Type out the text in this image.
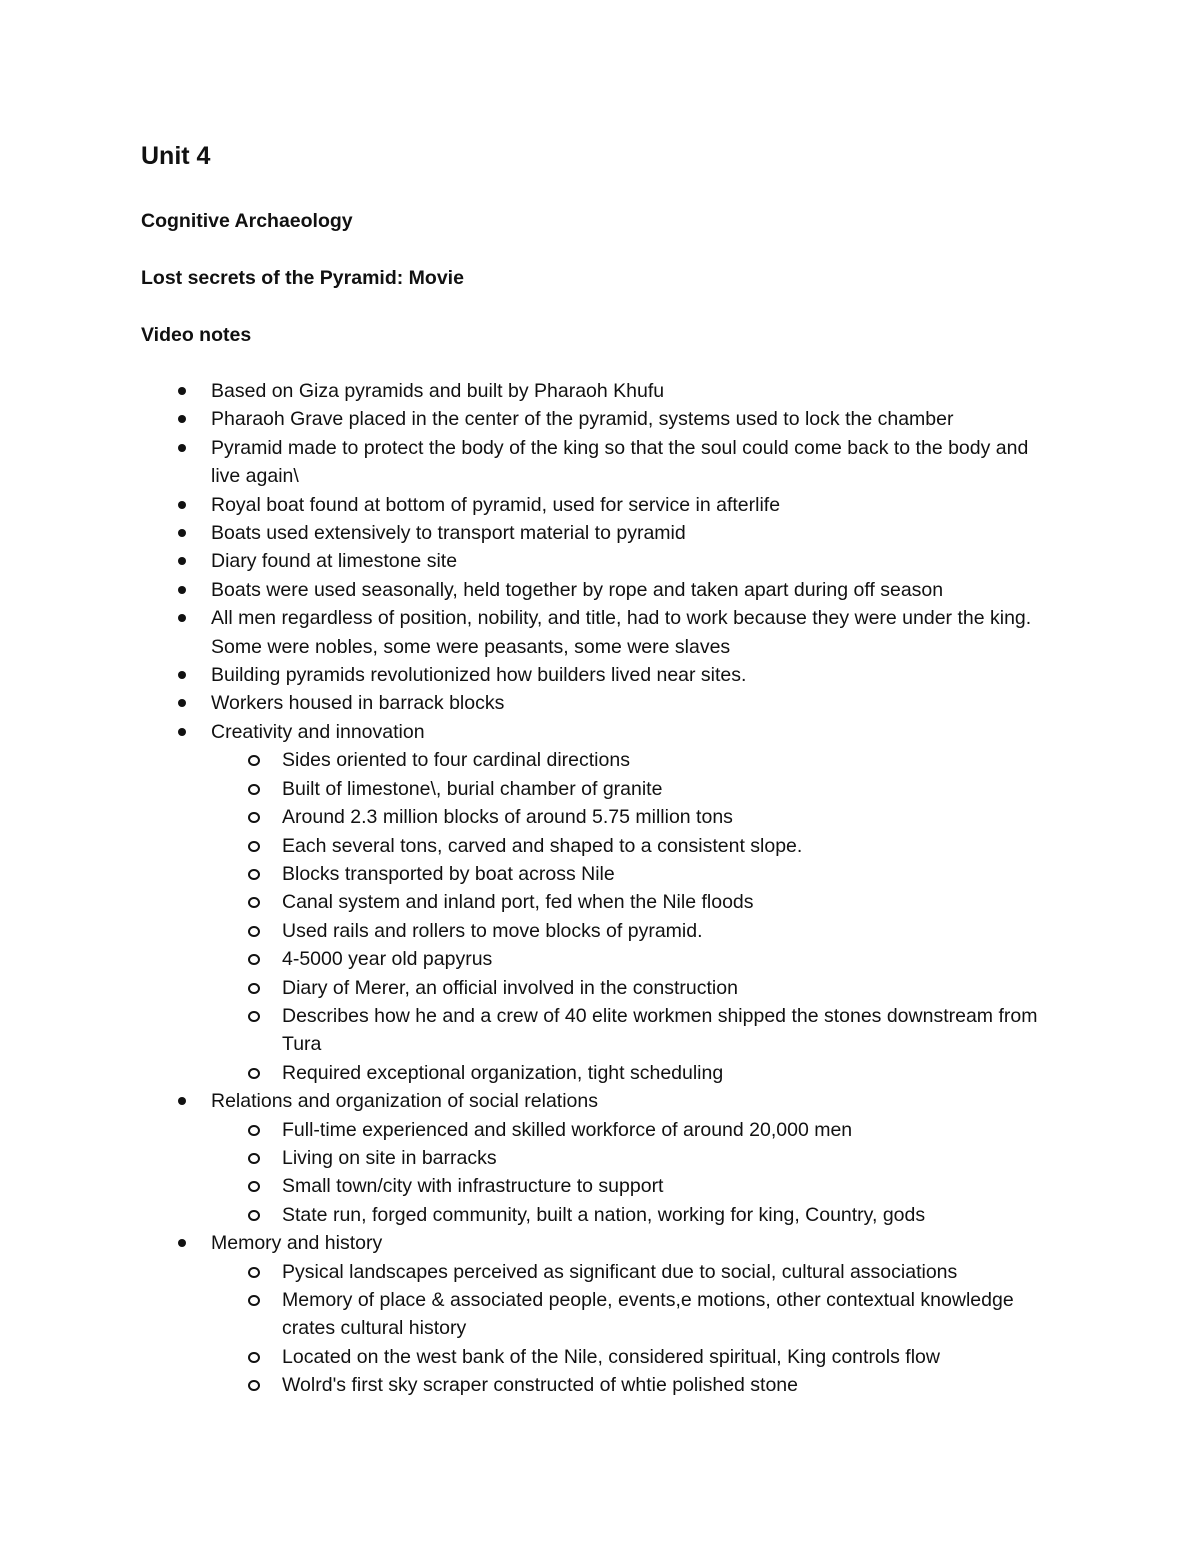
Unit 4
Cognitive Archaeology
Lost secrets of the Pyramid: Movie
Video notes
Based on Giza pyramids and built by Pharaoh Khufu
Pharaoh Grave placed in the center of the pyramid, systems used to lock the chamber
Pyramid made to protect the body of the king so that the soul could come back to the body and live again\
Royal boat found at bottom of pyramid, used for service in afterlife
Boats used extensively to transport material to pyramid
Diary found at limestone site
Boats were used seasonally, held together by rope and taken apart during off season
All men regardless of position, nobility, and title, had to work because they were under the king. Some were nobles, some were peasants, some were slaves
Building pyramids revolutionized how builders lived near sites.
Workers housed in barrack blocks
Creativity and innovation
Sides oriented to four cardinal directions
Built of limestone\, burial chamber of granite
Around 2.3 million blocks of around 5.75 million tons
Each several tons, carved and shaped to a consistent slope.
Blocks transported by boat across Nile
Canal system and inland port, fed when the Nile floods
Used rails and rollers to move blocks of pyramid.
4-5000 year old papyrus
Diary of Merer, an official involved in the construction
Describes how he and a crew of 40 elite workmen shipped the stones downstream from Tura
Required exceptional organization, tight scheduling
Relations and organization of social relations
Full-time experienced and skilled workforce of around 20,000 men
Living on site in barracks
Small town/city with infrastructure to support
State run, forged community, built a nation, working for king, Country, gods
Memory and history
Pysical landscapes perceived as significant due to social, cultural associations
Memory of place & associated people, events,e motions, other contextual knowledge crates cultural history
Located on the west bank of the Nile, considered spiritual, King controls flow
Wolrd's first sky scraper constructed of whtie polished stone
